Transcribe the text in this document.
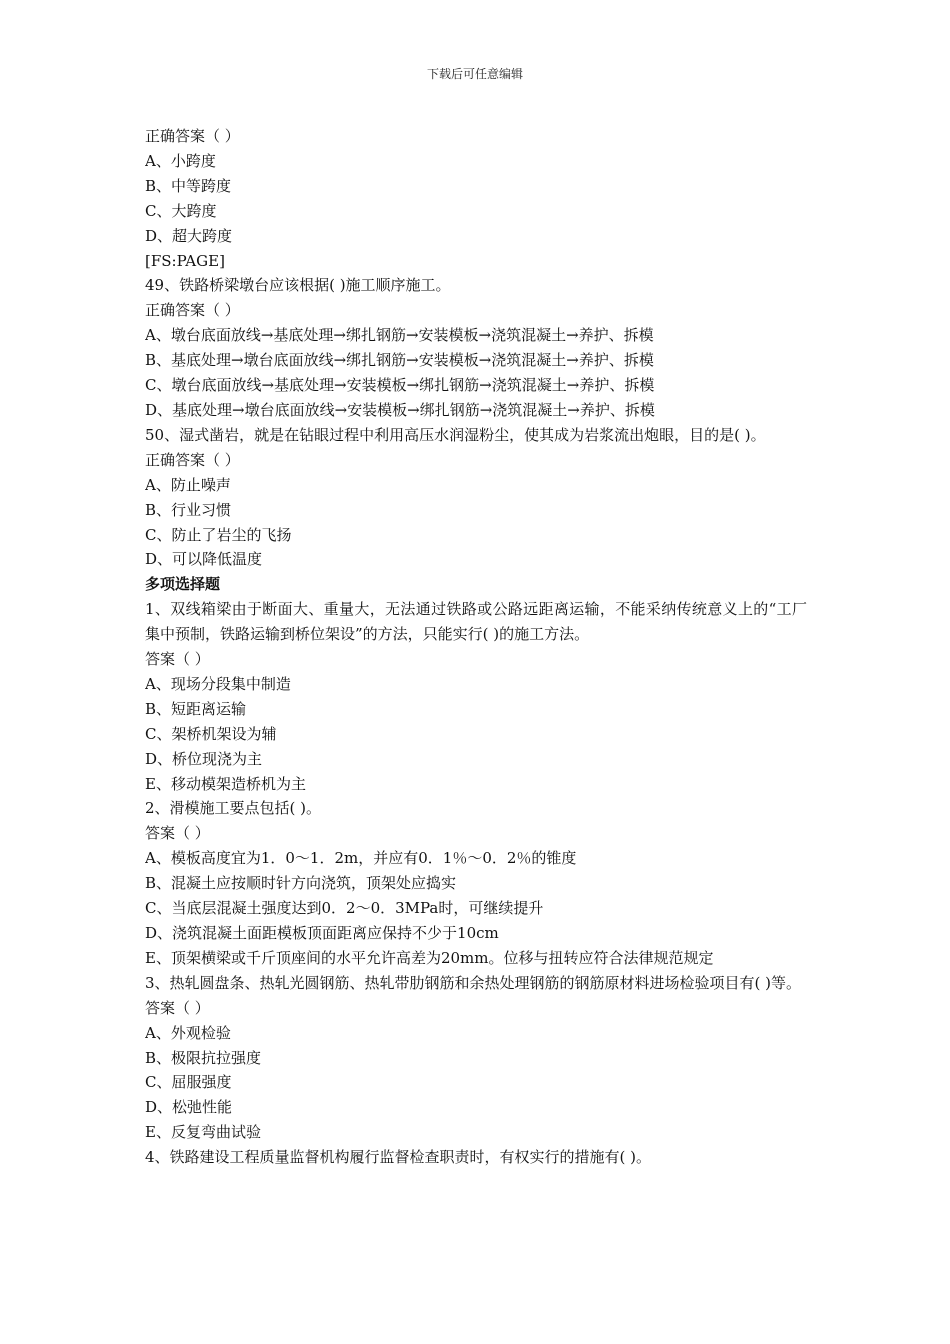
下载后可任意编辑
正确答案（ ）
A、小跨度
B、中等跨度
C、大跨度
D、超大跨度
[FS:PAGE]
49、铁路桥梁墩台应该根据( )施工顺序施工。
正确答案（ ）
A、墩台底面放线→基底处理→绑扎钢筋→安装模板→浇筑混凝土→养护、拆模
B、基底处理→墩台底面放线→绑扎钢筋→安装模板→浇筑混凝土→养护、拆模
C、墩台底面放线→基底处理→安装模板→绑扎钢筋→浇筑混凝土→养护、拆模
D、基底处理→墩台底面放线→安装模板→绑扎钢筋→浇筑混凝土→养护、拆模
50、湿式凿岩，就是在钻眼过程中利用高压水润湿粉尘，使其成为岩浆流出炮眼，目的是( )。
正确答案（ ）
A、防止噪声
B、行业习惯
C、防止了岩尘的飞扬
D、可以降低温度
多项选择题
1、双线箱梁由于断面大、重量大，无法通过铁路或公路远距离运输，不能采纳传统意义上的“工厂集中预制，铁路运输到桥位架设”的方法，只能实行( )的施工方法。
答案（ ）
A、现场分段集中制造
B、短距离运输
C、架桥机架设为辅
D、桥位现浇为主
E、移动模架造桥机为主
2、滑模施工要点包括( )。
答案（ ）
A、模板高度宜为1．0～1．2m，并应有0．1％～0．2％的锥度
B、混凝土应按顺时针方向浇筑，顶架处应捣实
C、当底层混凝土强度达到0．2～0．3MPa时，可继续提升
D、浇筑混凝土面距模板顶面距离应保持不少于10cm
E、顶架横梁或千斤顶座间的水平允许高差为20mm。位移与扭转应符合法律规范规定
3、热轧圆盘条、热轧光圆钢筋、热轧带肋钢筋和余热处理钢筋的钢筋原材料进场检验项目有( )等。
答案（ ）
A、外观检验
B、极限抗拉强度
C、屈服强度
D、松弛性能
E、反复弯曲试验
4、铁路建设工程质量监督机构履行监督检查职责时，有权实行的措施有( )。
